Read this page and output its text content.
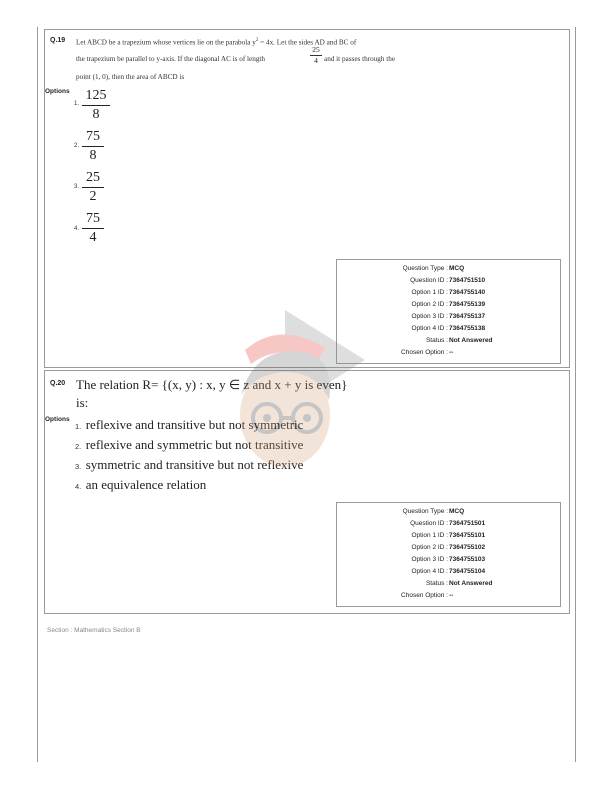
Q.19 Let ABCD be a trapezium whose vertices lie on the parabola $y^2 = 4x$. Let the sides AD and BC of
the trapezium be parallel to y-axis. If the diagonal AC is of length
25
4 and it passes through the
point (1, 0), then the area of ABCD is
Options
1.
125
8
2.
75
8
3.
25
2
4.
75
4
Question Type : MCQ
Question ID : 7364751510
Option 1 ID : 7364755140
Option 2 ID : 7364755139
Option 3 ID : 7364755137
Option 4 ID : 7364755138
Status : Not Answered
Chosen Option : --
Q.20 The relation R= {(x, y) : x, y ∈ z and x + y is even}
is:
Options
1. reflexive and transitive but not symmetric
2. reflexive and symmetric but not transitive
3. symmetric and transitive but not reflexive
4. an equivalence relation
Question Type : MCQ
Question ID : 7364751501
Option 1 ID : 7364755101
Option 2 ID : 7364755102
Option 3 ID : 7364755103
Option 4 ID : 7364755104
Status : Not Answered
Chosen Option : --
Section : Mathematics Section B
